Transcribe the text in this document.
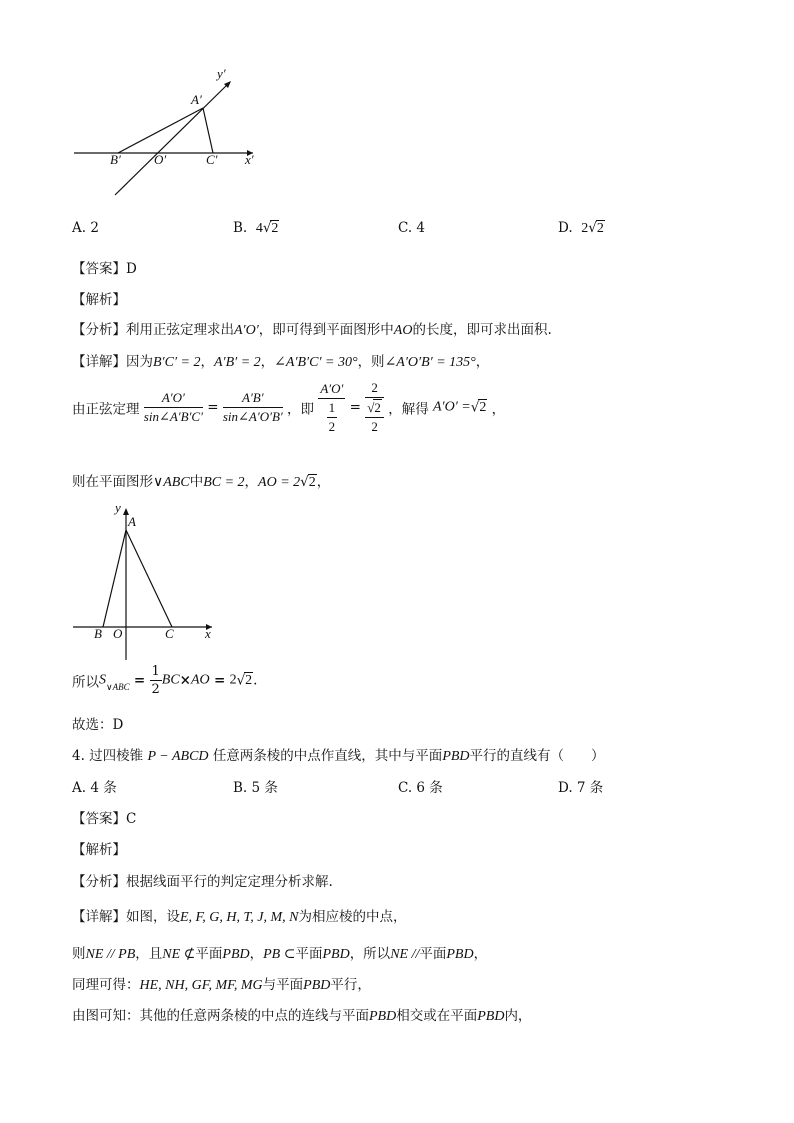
y′
A′
B′	O′	C′ x′
A. 2	B. 4√2	C. 4	D. 2√2
【答案】D
【解析】
【分析】利用正弦定理求出A′O′，即可得到平面图形中AO的长度，即可求出面积.
【详解】因为B′C′ = 2，A′B′ = 2，∠A′B′C′ = 30°，则∠A′O′B′ = 135°，
由正弦定理 $\frac{A'O'}{\sin\angle A'B'C'} = \frac{A'B'}{\sin\angle A'O'B'}$ ，即 $\frac{A'O'}{\frac{1}{2}} = \frac{2}{\frac{√2}{2}}$ ，解得 A′O′ =√2 ，
则在平面图形∨ABC中BC = 2，AO = 2√2，
y
A
B O	C x
所以$S_{\vee ABC} = \frac{1}{2} BC\times AO = 2√2$.
故选：D
4. 过四棱锥 P − ABCD 任意两条棱的中点作直线，其中与平面PBD平行的直线有（　　）
A. 4 条	B. 5 条	C. 6 条	D. 7 条
【答案】C
【解析】
【分析】根据线面平行的判定定理分析求解.
【详解】如图，设E, F, G, H, T, J, M, N为相应棱的中点，
则NE // PB，且NE ⊄平面PBD，PB ⊂平面PBD，所以NE //平面PBD，
同理可得：HE, NH, GF, MF, MG与平面PBD平行，
由图可知：其他的任意两条棱的中点的连线与平面PBD相交或在平面PBD内，
